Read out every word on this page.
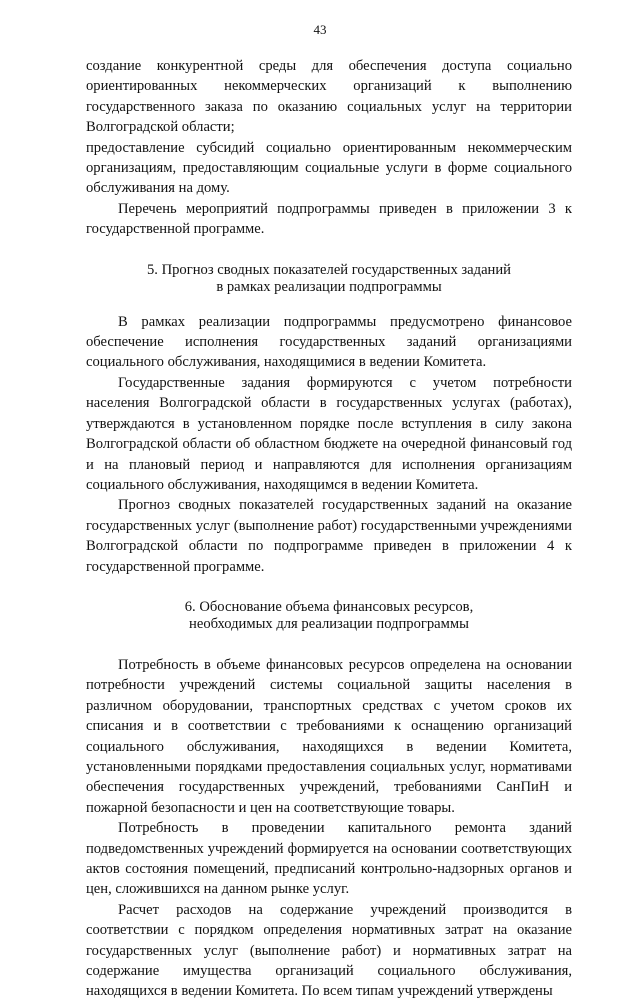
43

создание конкурентной среды для обеспечения доступа социально ориентированных некоммерческих организаций к выполнению государственного заказа по оказанию социальных услуг на территории Волгоградской области;

предоставление субсидий социально ориентированным некоммерческим организациям, предоставляющим социальные услуги в форме социального обслуживания на дому.

Перечень мероприятий подпрограммы приведен в приложении 3 к государственной программе.

5. Прогноз сводных показателей государственных заданий

в рамках реализации подпрограммы

В рамках реализации подпрограммы предусмотрено финансовое обеспечение исполнения государственных заданий организациями социального обслуживания, находящимися в ведении Комитета.

Государственные задания формируются с учетом потребности населения Волгоградской области в государственных услугах (работах), утверждаются в установленном порядке после вступления в силу закона Волгоградской области об областном бюджете на очередной финансовый год и на плановый период и направляются для исполнения организациям социального обслуживания, находящимся в ведении Комитета.

Прогноз сводных показателей государственных заданий на оказание государственных услуг (выполнение работ) государственными учреждениями Волгоградской области по подпрограмме приведен в приложении 4 к государственной программе.

6. Обоснование объема финансовых ресурсов,

необходимых для реализации подпрограммы

Потребность в объеме финансовых ресурсов определена на основании потребности учреждений системы социальной защиты населения в различном оборудовании, транспортных средствах с учетом сроков их списания и в соответствии с требованиями к оснащению организаций социального обслуживания, находящихся в ведении Комитета, установленными порядками предоставления социальных услуг, нормативами обеспечения государственных учреждений, требованиями СанПиН и пожарной безопасности и цен на соответствующие товары.

Потребность в проведении капитального ремонта зданий подведомственных учреждений формируется на основании соответствующих актов состояния помещений, предписаний контрольно-надзорных органов и цен, сложившихся на данном рынке услуг.

Расчет расходов на содержание учреждений производится в соответствии с порядком определения нормативных затрат на оказание государственных услуг (выполнение работ) и нормативных затрат на содержание имущества организаций социального обслуживания, находящихся в ведении Комитета. По всем типам учреждений утверждены
